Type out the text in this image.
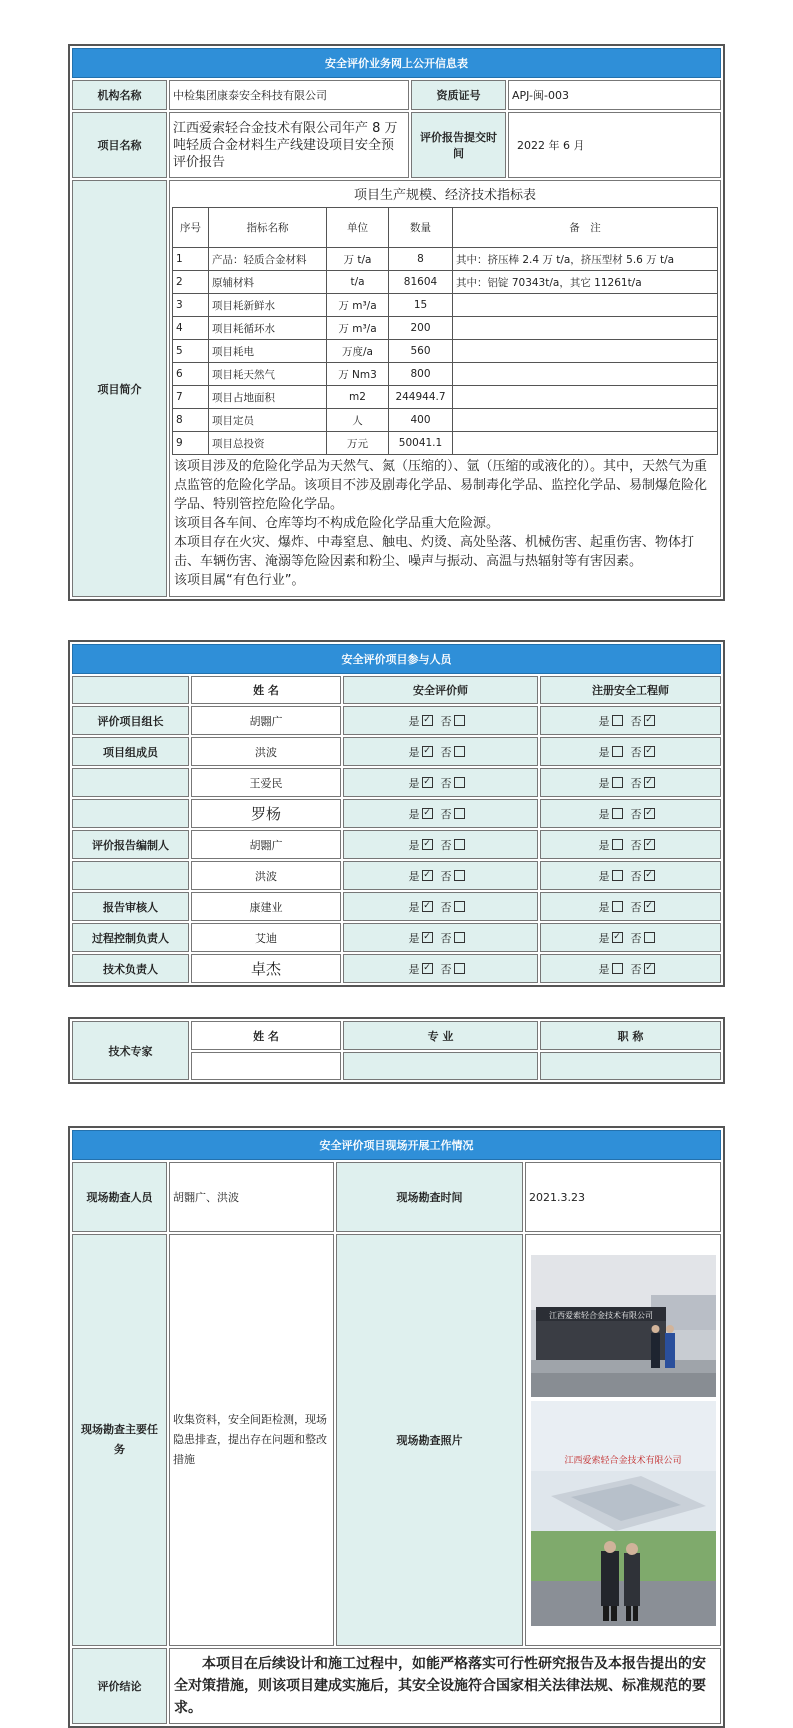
安全评价业务网上公开信息表
机构名称	中检集团康泰安全科技有限公司	资质证号	APJ-闽-003
项目名称	江西爱索轻合金技术有限公司年产 8 万吨轻质合金材料生产线建设项目安全预评价报告	评价报告提交时间	2022 年 6 月
项目简介	
项目生产规模、经济技术指标表
序号	指标名称	单位	数量	备　注
1	产品：轻质合金材料	万 t/a	8	其中：挤压棒 2.4 万 t/a，挤压型材 5.6 万 t/a
2	原辅材料	t/a	81604	其中：铝锭 70343t/a，其它 11261t/a
3	项目耗新鲜水	万 m³/a	15	
4	项目耗循环水	万 m³/a	200	
5	项目耗电	万度/a	560	
6	项目耗天然气	万 Nm3	800	
7	项目占地面积	m2	244944.7	
8	项目定员	人	400	
9	项目总投资	万元	50041.1	
该项目涉及的危险化学品为天然气、氮（压缩的）、氩（压缩的或液化的）。其中，天然气为重点监管的危险化学品。该项目不涉及剧毒化学品、易制毒化学品、监控化学品、易制爆危险化学品、特别管控危险化学品。
该项目各车间、仓库等均不构成危险化学品重大危险源。
本项目存在火灾、爆炸、中毒窒息、触电、灼烫、高处坠落、机械伤害、起重伤害、物体打击、车辆伤害、淹溺等危险因素和粉尘、噪声与振动、高温与热辐射等有害因素。
该项目属“有色行业”。
安全评价项目参与人员			
	姓 名	安全评价师	注册安全工程师
评价项目组长	胡翾广	是 ✓ 否	是 否 ✓
项目组成员	洪波	是 ✓ 否	是 否 ✓
	王爱民	是 ✓ 否	是 否 ✓
	罗杨	是 ✓ 否	是 否 ✓
评价报告编制人	胡翾广	是 ✓ 否	是 否 ✓
	洪波	是 ✓ 否	是 否 ✓
报告审核人	康建业	是 ✓ 否	是 否 ✓
过程控制负责人	艾迪	是 ✓ 否	是 ✓ 否
技术负责人	卓杰	是 ✓ 否	是 否 ✓
技术专家	姓 名	专 业	职 称

安全评价项目现场开展工作情况			
现场勘查人员	胡翾广、洪波	现场勘查时间	2021.3.23
现场勘查主要任务	收集资料，安全间距检测，现场隐患排查，提出存在问题和整改措施	现场勘查照片	江西爱索轻合金技术有限公司
江西爱索轻合金技术有限公司

评价结论	本项目在后续设计和施工过程中，如能严格落实可行性研究报告及本报告提出的安全对策措施，则该项目建成实施后，其安全设施符合国家相关法律法规、标准规范的要求。		
